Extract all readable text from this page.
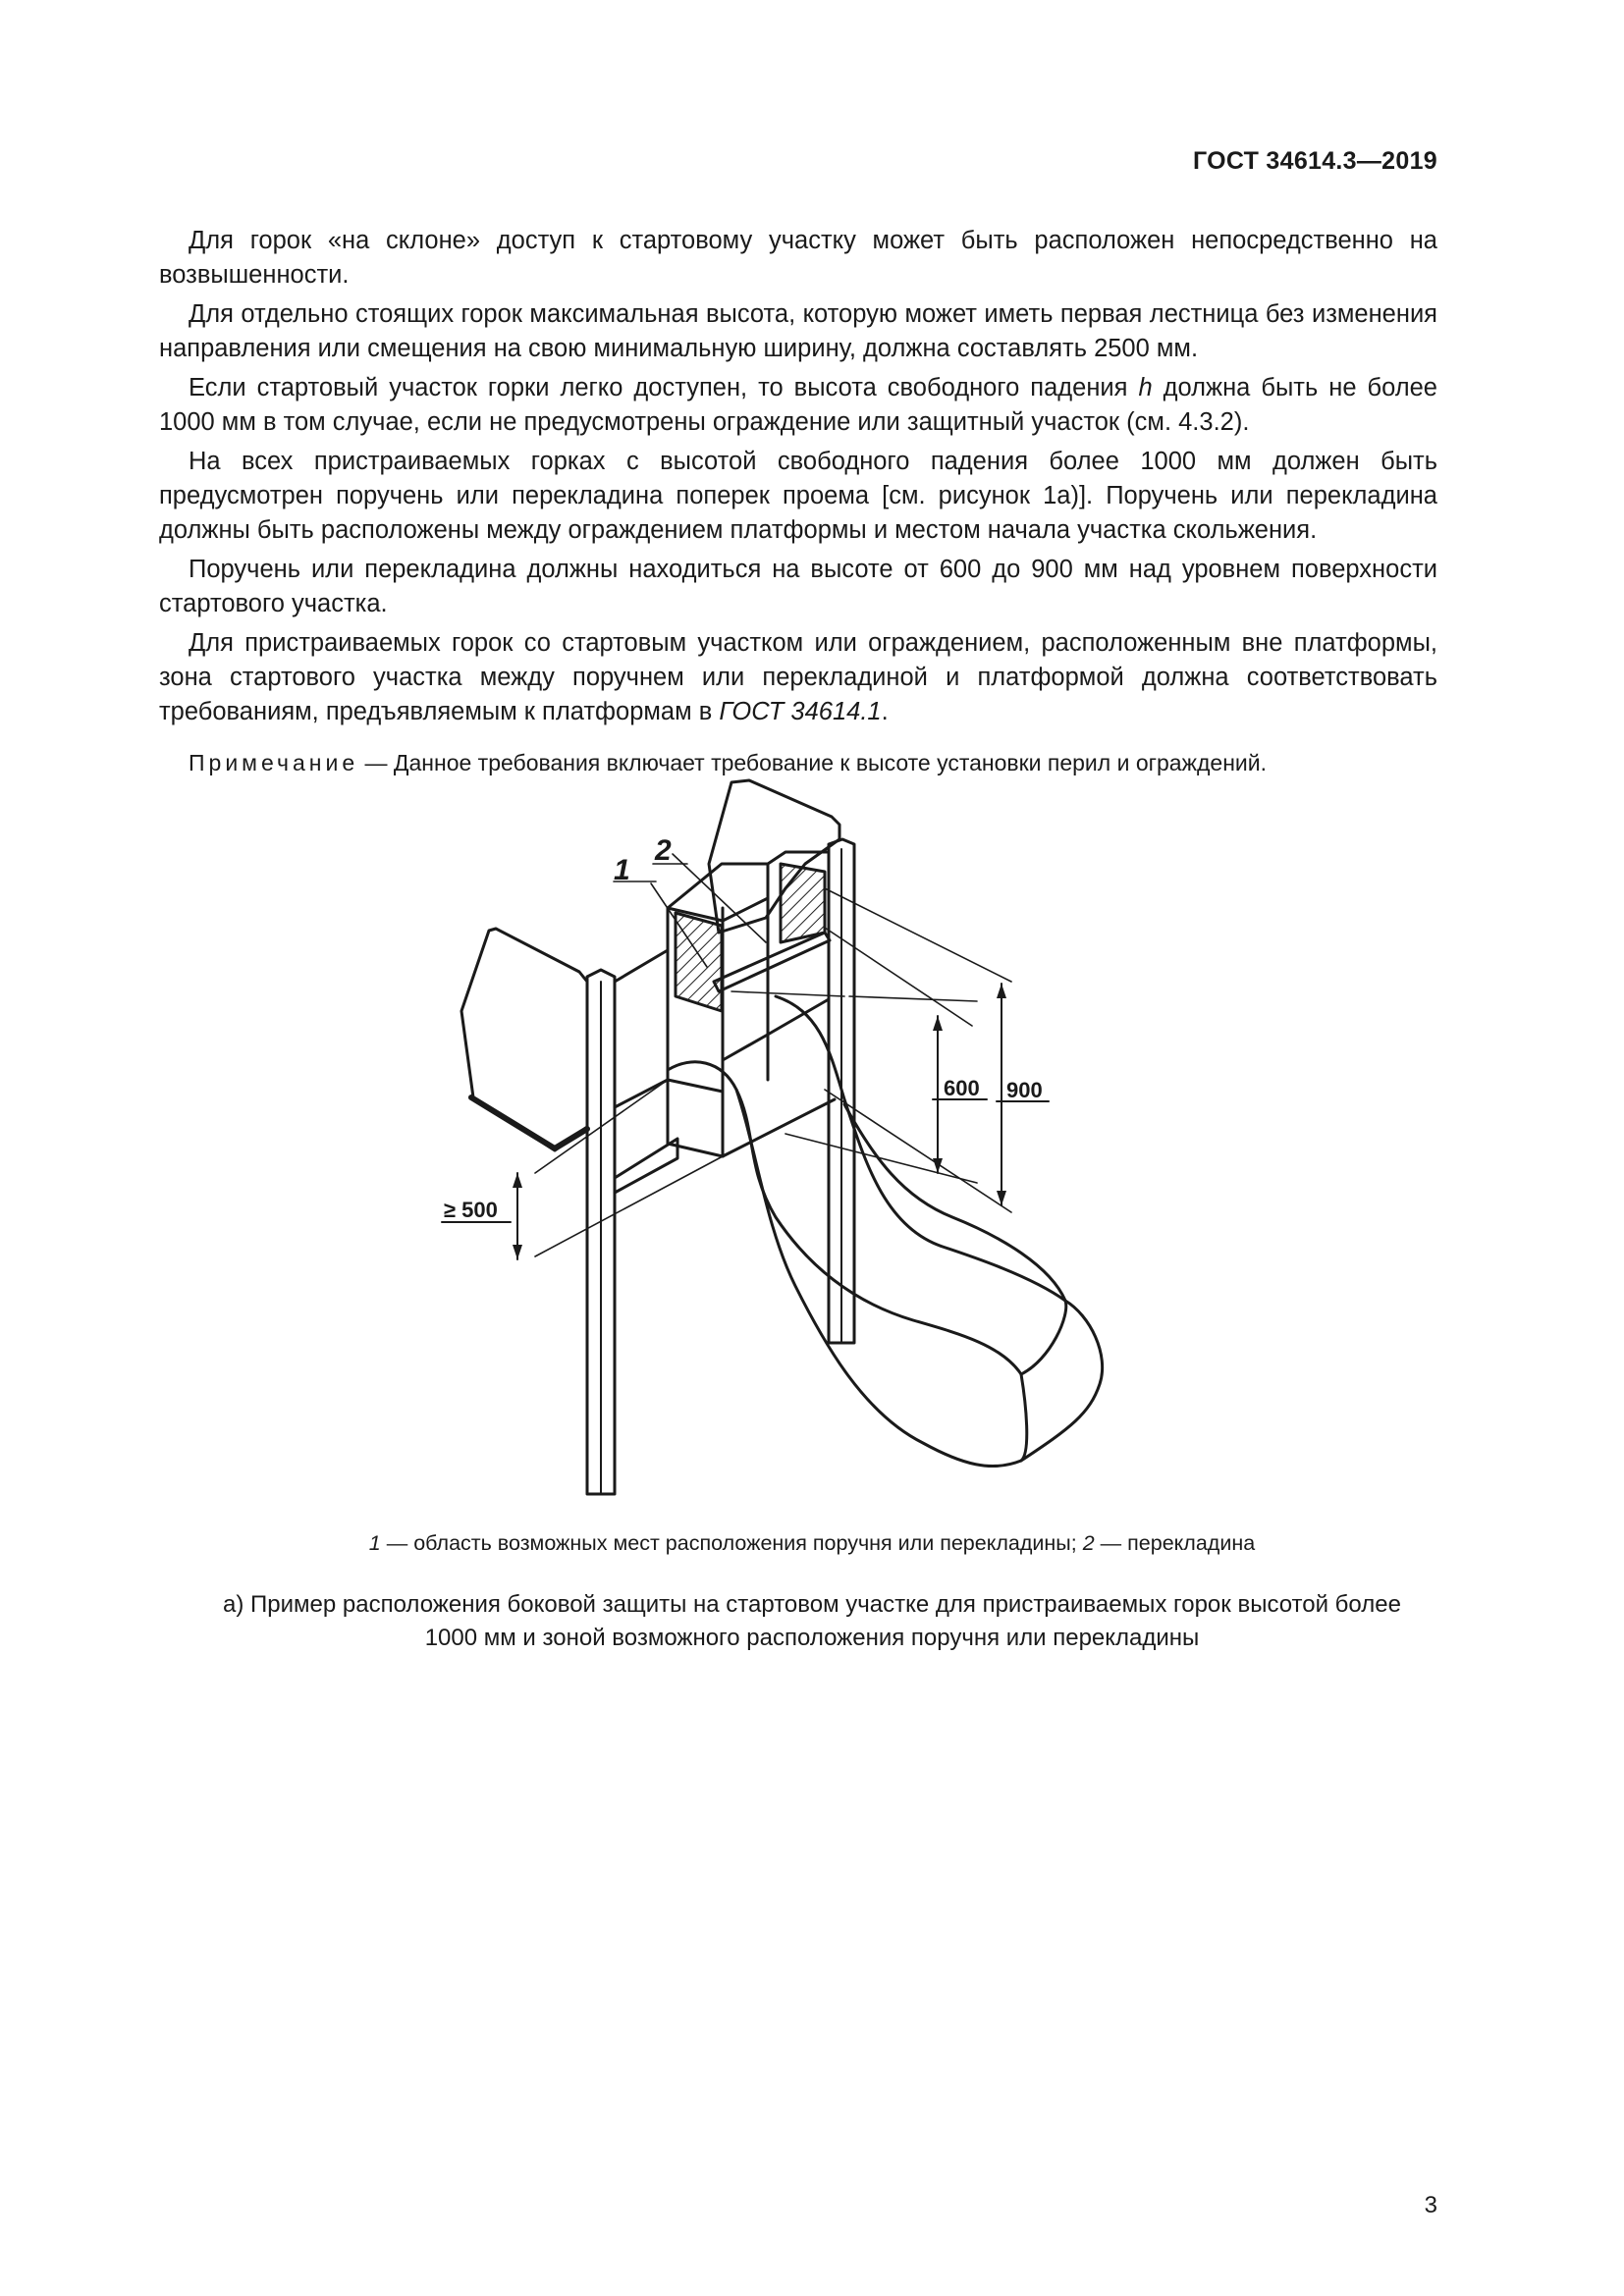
ГОСТ 34614.3—2019

Для горок «на склоне» доступ к стартовому участку может быть расположен непосредственно на возвышенности.

Для отдельно стоящих горок максимальная высота, которую может иметь первая лестница без изменения направления или смещения на свою минимальную ширину, должна составлять 2500 мм.

Если стартовый участок горки легко доступен, то высота свободного падения h должна быть не более 1000 мм в том случае, если не предусмотрены ограждение или защитный участок (см. 4.3.2).

На всех пристраиваемых горках с высотой свободного падения более 1000 мм должен быть предусмотрен поручень или перекладина поперек проема [см. рисунок 1а)]. Поручень или перекладина должны быть расположены между ограждением платформы и местом начала участка скольжения.

Поручень или перекладина должны находиться на высоте от 600 до 900 мм над уровнем поверхности стартового участка.

Для пристраиваемых горок со стартовым участком или ограждением, расположенным вне платформы, зона стартового участка между поручнем или перекладиной и платформой должна соответствовать требованиям, предъявляемым к платформам в ГОСТ 34614.1.

Примечание — Данное требования включает требование к высоте установки перил и ограждений.

1
2
600 900
≥ 500
1 — область возможных мест расположения поручня или перекладины; 2 — перекладина
а) Пример расположения боковой защиты на стартовом участке для пристраиваемых горок высотой более
1000 мм и зоной возможного расположения поручня или перекладины
3
